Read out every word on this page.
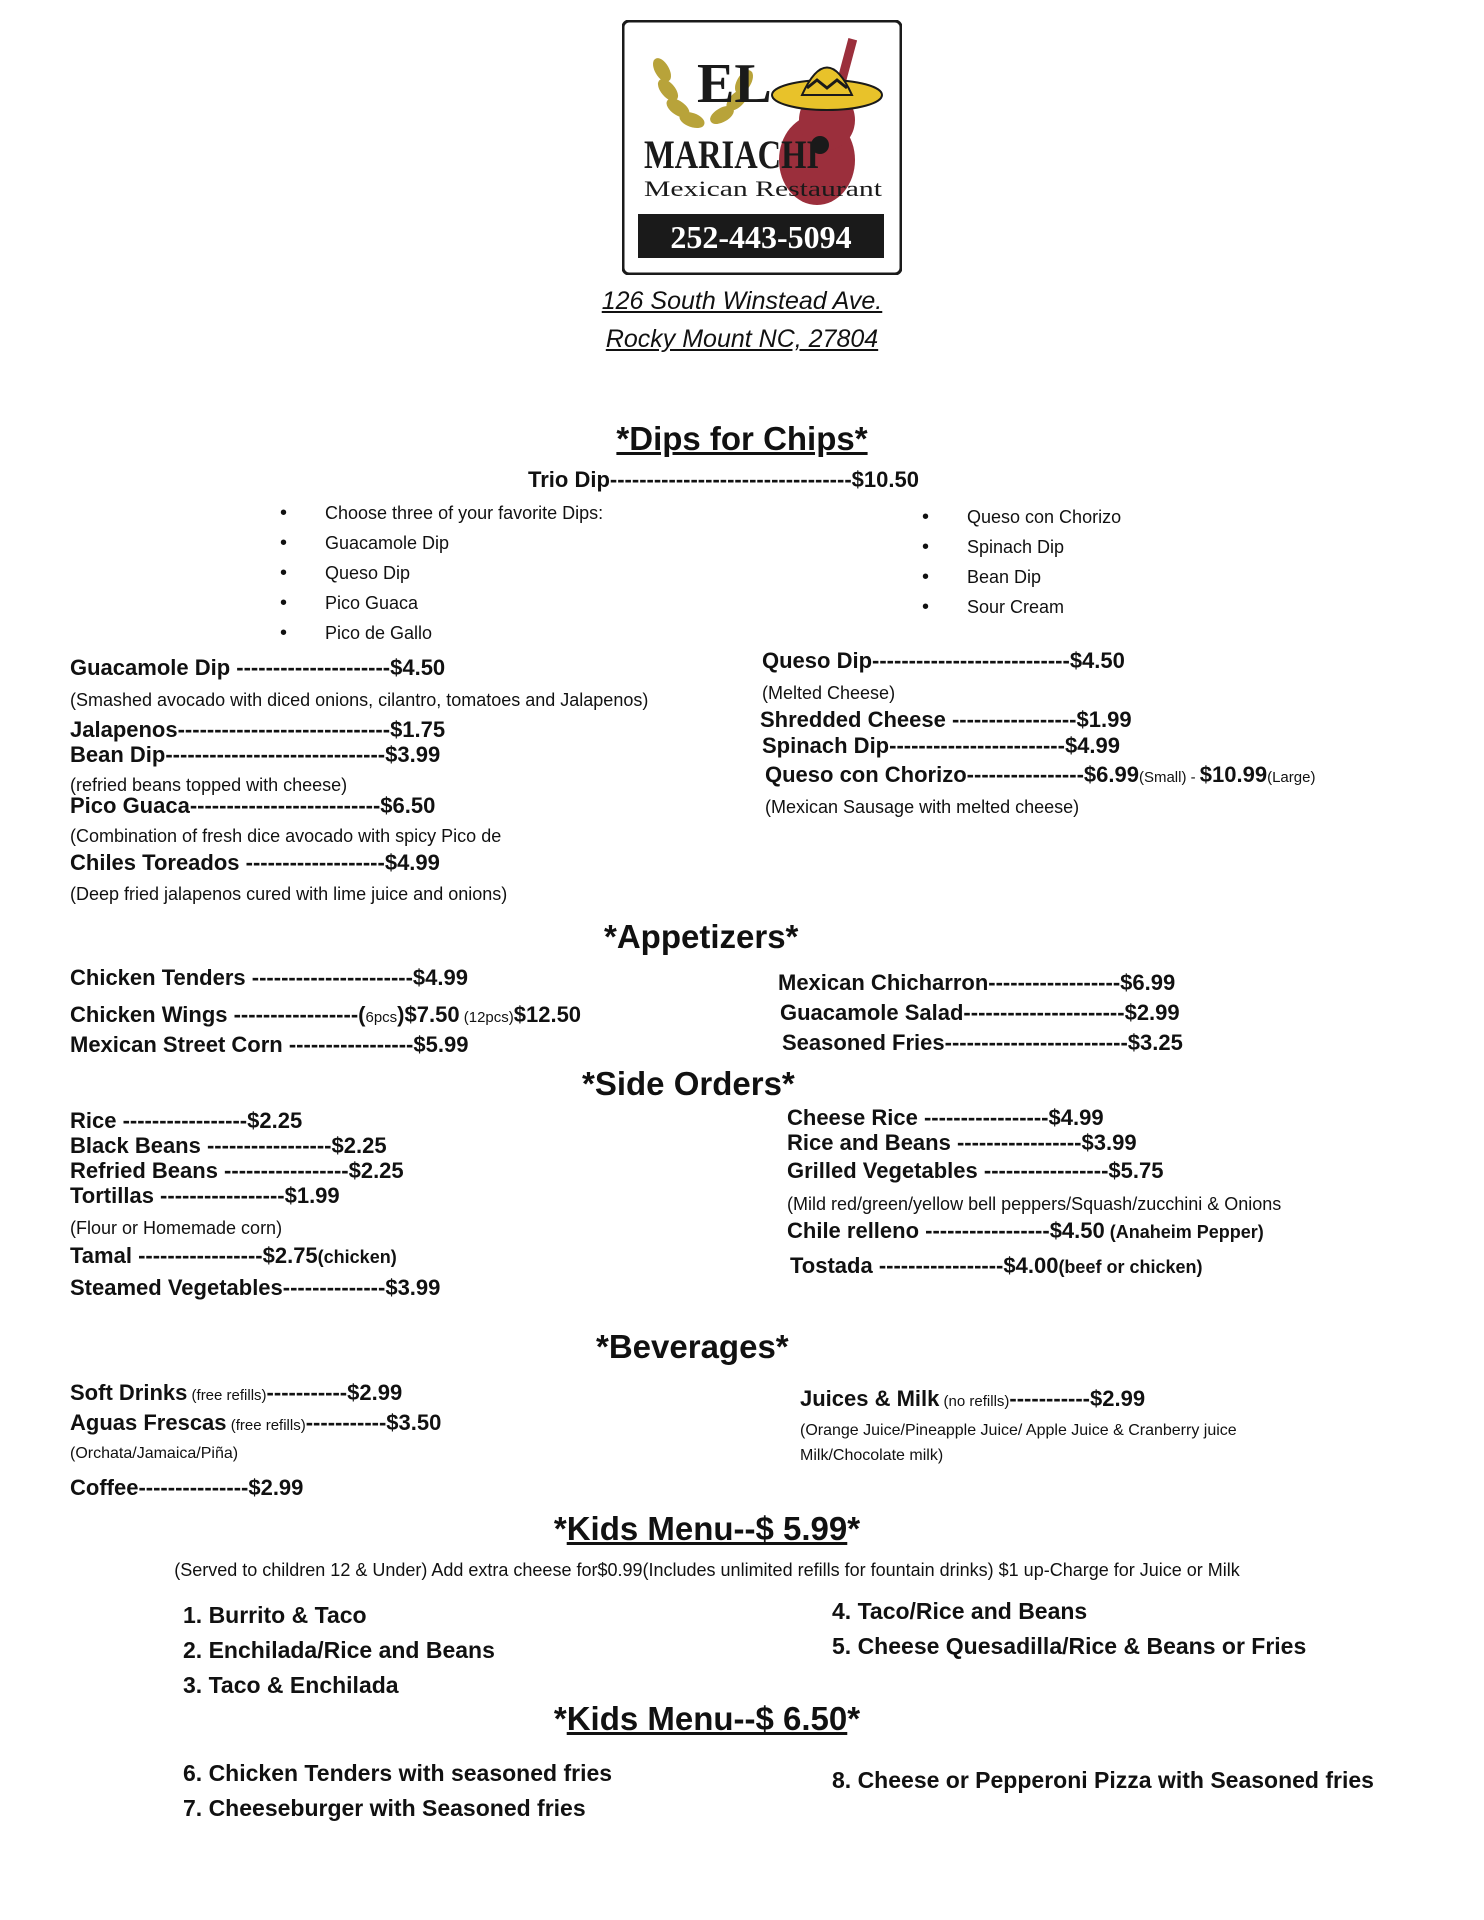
EL
MARIACHI
Mexican Restaurant
252-443-5094
126 South Winstead Ave.
Rocky Mount NC, 27804
*Dips for Chips*
Trio Dip---------------------------------$10.50
• Choose three of your favorite Dips:
• Guacamole Dip
• Queso Dip
• Pico Guaca
• Pico de Gallo
• Queso con Chorizo
• Spinach Dip
• Bean Dip
• Sour Cream
Guacamole Dip ---------------------$4.50
(Smashed avocado with diced onions, cilantro, tomatoes and Jalapenos)
Jalapenos-----------------------------$1.75
Bean Dip------------------------------$3.99
(refried beans topped with cheese)
Pico Guaca--------------------------$6.50
(Combination of fresh dice avocado with spicy Pico de
Chiles Toreados -------------------$4.99
(Deep fried jalapenos cured with lime juice and onions)
Queso Dip---------------------------$4.50
(Melted Cheese)
Shredded Cheese -----------------$1.99
Spinach Dip------------------------$4.99
Queso con Chorizo----------------$6.99(Small) - $10.99(Large)
(Mexican Sausage with melted cheese)
*Appetizers*
Chicken Tenders ----------------------$4.99
Chicken Wings -----------------(6pcs)$7.50 (12pcs)$12.50
Mexican Street Corn -----------------$5.99
Mexican Chicharron------------------$6.99
Guacamole Salad----------------------$2.99
Seasoned Fries-------------------------$3.25
*Side Orders*
Rice -----------------$2.25
Black Beans -----------------$2.25
Refried Beans -----------------$2.25
Tortillas -----------------$1.99
(Flour or Homemade corn)
Tamal -----------------$2.75(chicken)
Steamed Vegetables--------------$3.99
Cheese Rice -----------------$4.99
Rice and Beans -----------------$3.99
Grilled Vegetables -----------------$5.75
(Mild red/green/yellow bell peppers/Squash/zucchini & Onions
Chile relleno -----------------$4.50 (Anaheim Pepper)
Tostada -----------------$4.00(beef or chicken)
*Beverages*
Soft Drinks (free refills)-----------$2.99
Aguas Frescas (free refills)-----------$3.50
(Orchata/Jamaica/Piña)
Coffee---------------$2.99
Juices & Milk (no refills)-----------$2.99
(Orange Juice/Pineapple Juice/ Apple Juice & Cranberry juice
Milk/Chocolate milk)
*Kids Menu--$ 5.99*
(Served to children 12 & Under) Add extra cheese for$0.99(Includes unlimited refills for fountain drinks) $1 up-Charge for Juice or Milk
1. Burrito & Taco
2. Enchilada/Rice and Beans
3. Taco & Enchilada
4. Taco/Rice and Beans
5. Cheese Quesadilla/Rice & Beans or Fries
*Kids Menu--$ 6.50*
6. Chicken Tenders with seasoned fries
7. Cheeseburger with Seasoned fries
8. Cheese or Pepperoni Pizza with Seasoned fries
